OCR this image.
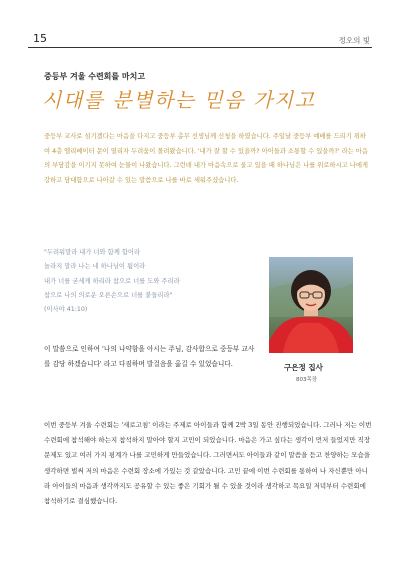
15	정오의 빛
중등부 겨울 수련회를 마치고
시대를 분별하는 믿음 가지고

중등부 교사로 섬기겠다는 마음을 다지고 중등부 총무 선생님께 신청을 하였습니다. 주일날 중등부 예배를 드리기 위하여 4층 엘리베이터 문이 열리자 두려움이 몰려왔습니다. '내가 잘 할 수 있을까? 아이들과 소통할 수 있을까?' 라는 마음의 부담감을 이기지 못하여 눈물이 나왔습니다. 그런데 내가 마음속으로 울고 있을 때 하나님은 나를 위로하시고 나에게 강하고 담대함으로 나아갈 수 있는 말씀으로 나를 바로 세워주셨습니다.

"두려워말라 내가 너와 함께 함이라
놀라지 말라 나는 네 하나님이 됨이라
내가 너를 굳세게 하리라 참으로 너를 도와 주리라
참으로 나의 의로운 오른손으로 너를 붙들리라"
(이사야 41:10)
구은정 집사
803목장

이 말씀으로 인하여 '나의 나약함을 아시는 주님, 감사합으로 중등부 교사를 감당 하겠습니다' 라고 다짐하며 발걸음을 옮길 수 있었습니다.

이번 중등부 겨울 수련회는 '새로고침' 이라는 주제로 아이들과 함께 2박 3일 동안 진행되었습니다. 그러나 저는 이번 수련회에 참석해야 하는지 참석하지 말아야 할지 고민이 되었습니다. 마음은 가고 싶다는 생각이 먼저 들었지만 직장문제도 있고 여러 가지 핑계가 나를 고민하게 만들었습니다. 그러면서도 아이들과 같이 말씀을 듣고 찬양하는 모습을 생각하면 벌써 저의 마음은 수련회 장소에 가있는 것 같았습니다. 고민 끝에 이번 수련회를 통하여 나 자신뿐만 아니라 아이들의 마음과 생각까지도 공유할 수 있는 좋은 기회가 될 수 있을 것이라 생각하고 목요일 저녁부터 수련회에 참석하기로 결심했습니다.
